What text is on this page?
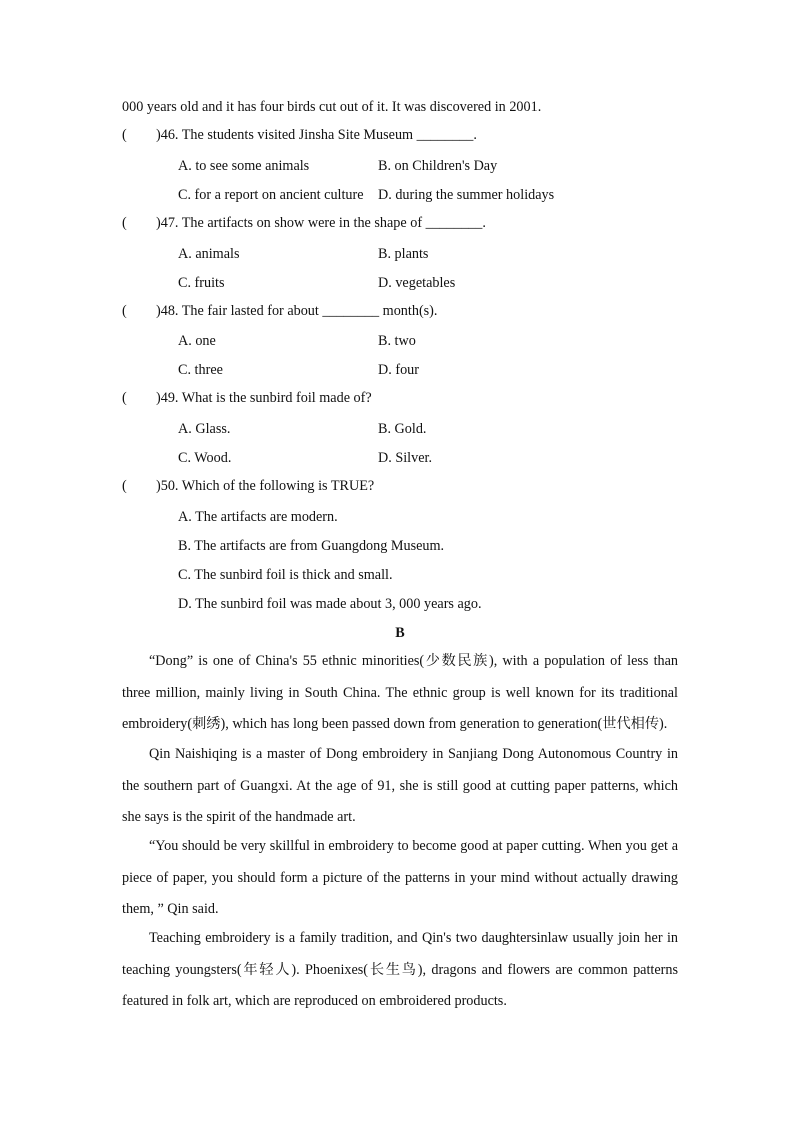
000 years old and it has four birds cut out of it. It was discovered in 2001.
( )46. The students visited Jinsha Site Museum ________.
A. to see some animals	B. on Children's Day
C. for a report on ancient culture D. during the summer holidays
( )47. The artifacts on show were in the shape of ________.
A. animals	B. plants
C. fruits	D. vegetables
( )48. The fair lasted for about ________ month(s).
A. one	B. two
C. three	D. four
( )49. What is the sunbird foil made of?
A. Glass.	B. Gold.
C. Wood.	D. Silver.
( )50. Which of the following is TRUE?
A. The artifacts are modern.
B. The artifacts are from Guangdong Museum.
C. The sunbird foil is thick and small.
D. The sunbird foil was made about 3, 000 years ago.
B

“Dong” is one of China's 55 ethnic minorities(少数民族), with a population of less than three million, mainly living in South China. The ethnic group is well known for its traditional embroidery(刺绣), which has long been passed down from generation to generation(世代相传).

Qin Naishiqing is a master of Dong embroidery in Sanjiang Dong Autonomous Country in the southern part of Guangxi. At the age of 91, she is still good at cutting paper patterns, which she says is the spirit of the handmade art.

“You should be very skillful in embroidery to become good at paper cutting. When you get a piece of paper, you should form a picture of the patterns in your mind without actually drawing them, ” Qin said.

Teaching embroidery is a family tradition, and Qin's two daughtersinlaw usually join her in teaching youngsters(年轻人). Phoenixes(长生鸟), dragons and flowers are common patterns featured in folk art, which are reproduced on embroidered products.
